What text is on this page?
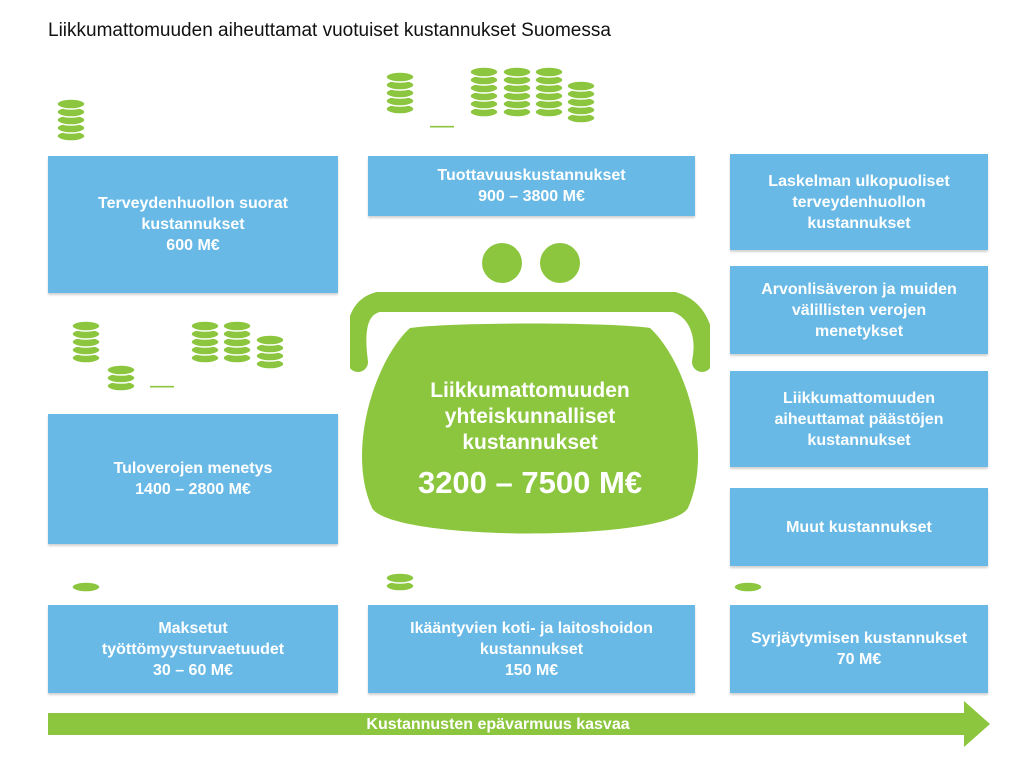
Liikkumattomuuden aiheuttamat vuotuiset kustannukset Suomessa
—
—
Terveydenhuollon suorat
kustannukset
600 M€
Tuloverojen menetys
1400 – 2800 M€
Maksetut
työttömyysturvaetuudet
30 – 60 M€
Tuottavuuskustannukset
900 – 3800 M€
Ikääntyvien koti- ja laitoshoidon
kustannukset
150 M€
Liikkumattomuuden
yhteiskunnalliset
kustannukset
3200 – 7500 M€
Laskelman ulkopuoliset
terveydenhuollon
kustannukset
Arvonlisäveron ja muiden
välillisten verojen
menetykset
Liikkumattomuuden
aiheuttamat päästöjen
kustannukset
Muut kustannukset
Syrjäytymisen kustannukset
70 M€
Kustannusten epävarmuus kasvaa
